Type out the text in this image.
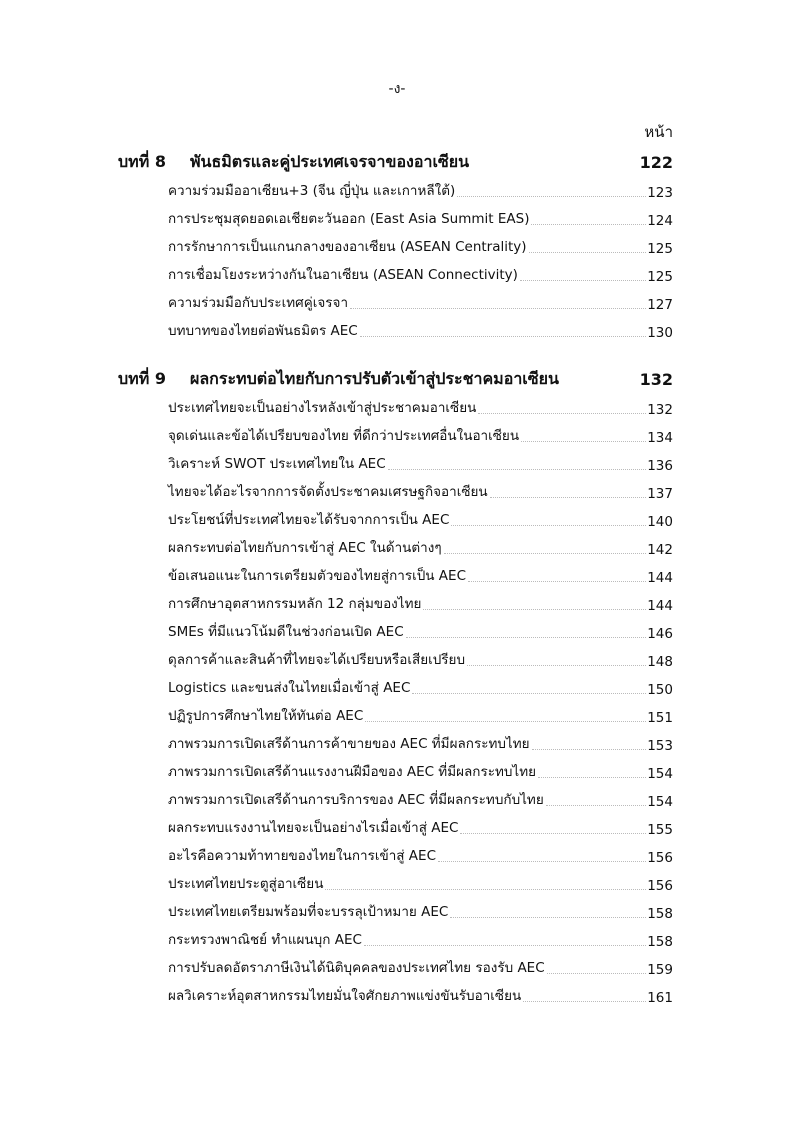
-ง-
หน้า
บทที่ 8	พันธมิตรและคู่ประเทศเจรจาของอาเซียน	122
ความร่วมมืออาเซียน+3 (จีน ญี่ปุ่น และเกาหลีใต้)	123
การประชุมสุดยอดเอเชียตะวันออก (East Asia Summit EAS)	124
การรักษาการเป็นแกนกลางของอาเซียน (ASEAN Centrality)	125
การเชื่อมโยงระหว่างกันในอาเซียน (ASEAN Connectivity)	125
ความร่วมมือกับประเทศคู่เจรจา	127
บทบาทของไทยต่อพันธมิตร AEC	130
บทที่ 9	ผลกระทบต่อไทยกับการปรับตัวเข้าสู่ประชาคมอาเซียน	132
ประเทศไทยจะเป็นอย่างไรหลังเข้าสู่ประชาคมอาเซียน	132
จุดเด่นและข้อได้เปรียบของไทย ที่ดีกว่าประเทศอื่นในอาเซียน	134
วิเคราะห์ SWOT ประเทศไทยใน AEC	136
ไทยจะได้อะไรจากการจัดตั้งประชาคมเศรษฐกิจอาเซียน	137
ประโยชน์ที่ประเทศไทยจะได้รับจากการเป็น AEC	140
ผลกระทบต่อไทยกับการเข้าสู่ AEC ในด้านต่างๆ	142
ข้อเสนอแนะในการเตรียมตัวของไทยสู่การเป็น AEC	144
การศึกษาอุตสาหกรรมหลัก 12 กลุ่มของไทย	144
SMEs ที่มีแนวโน้มดีในช่วงก่อนเปิด AEC	146
ดุลการค้าและสินค้าที่ไทยจะได้เปรียบหรือเสียเปรียบ	148
Logistics และขนส่งในไทยเมื่อเข้าสู่ AEC	150
ปฏิรูปการศึกษาไทยให้ทันต่อ AEC	151
ภาพรวมการเปิดเสรีด้านการค้าขายของ AEC ที่มีผลกระทบไทย	153
ภาพรวมการเปิดเสรีด้านแรงงานฝีมือของ AEC ที่มีผลกระทบไทย	154
ภาพรวมการเปิดเสรีด้านการบริการของ AEC ที่มีผลกระทบกับไทย	154
ผลกระทบแรงงานไทยจะเป็นอย่างไรเมื่อเข้าสู่ AEC	155
อะไรคือความท้าทายของไทยในการเข้าสู่ AEC	156
ประเทศไทยประตูสู่อาเซียน	156
ประเทศไทยเตรียมพร้อมที่จะบรรลุเป้าหมาย AEC	158
กระทรวงพาณิชย์ ทำแผนบุก AEC	158
การปรับลดอัตราภาษีเงินได้นิติบุคคลของประเทศไทย รองรับ AEC	159
ผลวิเคราะห์อุตสาหกรรมไทยมั่นใจศักยภาพแข่งขันรับอาเซียน	161
